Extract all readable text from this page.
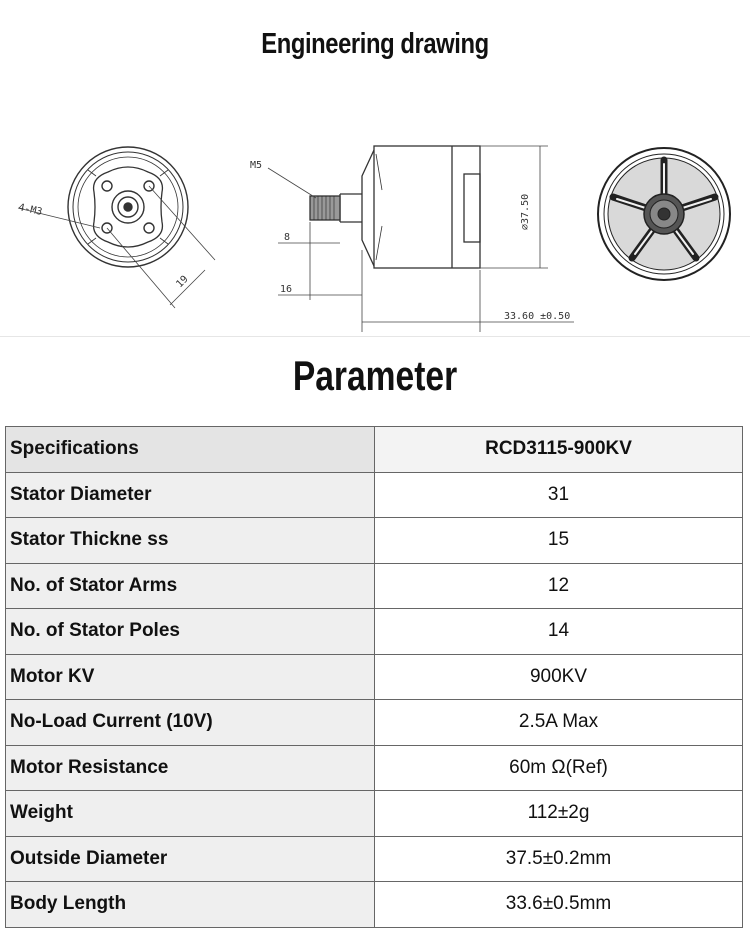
Engineering drawing
4-M3
19
M5
8
16
⌀37.50
33.60 ±0.50
Parameter
Specifications	RCD3115-900KV
Stator Diameter	31
Stator Thickne ss	15
No. of Stator Arms	12
No. of Stator Poles	14
Motor KV	900KV
No-Load Current (10V)	2.5A Max
Motor Resistance	60m Ω(Ref)
Weight	112±2g
Outside Diameter	37.5±0.2mm
Body Length	33.6±0.5mm
